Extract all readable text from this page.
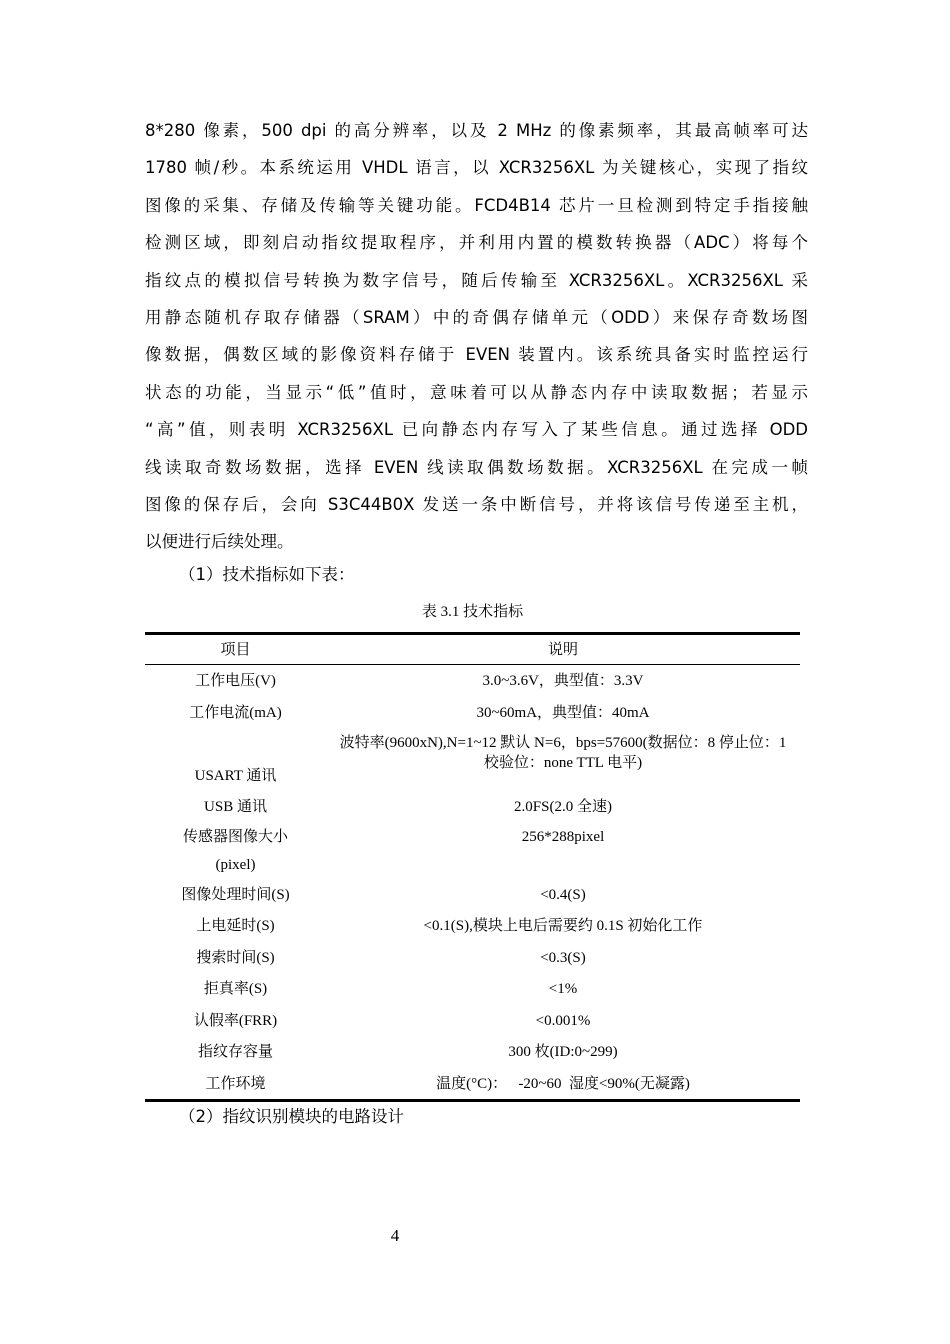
8*280 像素，500 dpi 的高分辨率，以及 2 MHz 的像素频率，其最高帧率可达
1780 帧/秒。本系统运用 VHDL 语言，以 XCR3256XL 为关键核心，实现了指纹
图像的采集、存储及传输等关键功能。FCD4B14 芯片一旦检测到特定手指接触
检测区域，即刻启动指纹提取程序，并利用内置的模数转换器（ADC）将每个
指纹点的模拟信号转换为数字信号，随后传输至 XCR3256XL。XCR3256XL 采
用静态随机存取存储器（SRAM）中的奇偶存储单元（ODD）来保存奇数场图
像数据，偶数区域的影像资料存储于 EVEN 装置内。该系统具备实时监控运行
状态的功能，当显示“低”值时，意味着可以从静态内存中读取数据；若显示
“高”值，则表明 XCR3256XL 已向静态内存写入了某些信息。通过选择 ODD
线读取奇数场数据，选择 EVEN 线读取偶数场数据。XCR3256XL 在完成一帧
图像的保存后，会向 S3C44B0X 发送一条中断信号，并将该信号传递至主机，
以便进行后续处理。
（1）技术指标如下表：
表 3.1 技术指标
项目	说明
工作电压(V)	3.0~3.6V，典型值：3.3V
工作电流(mA)	30~60mA，典型值：40mA
USART 通讯	波特率(9600xN),N=1~12 默认 N=6，bps=57600(数据位：8 停止位：1 校验位：none TTL 电平)
USB 通讯	2.0FS(2.0 全速)
传感器图像大小 (pixel)	256*288pixel
图像处理时间(S)	<0.4(S)
上电延时(S)	<0.1(S),模块上电后需要约 0.1S 初始化工作
搜索时间(S)	<0.3(S)
拒真率(S)	<1%
认假率(FRR)	<0.001%
指纹存容量	300 枚(ID:0~299)
工作环境	温度(°C)：   -20~60  湿度<90%(无凝露)
（2）指纹识别模块的电路设计
4
